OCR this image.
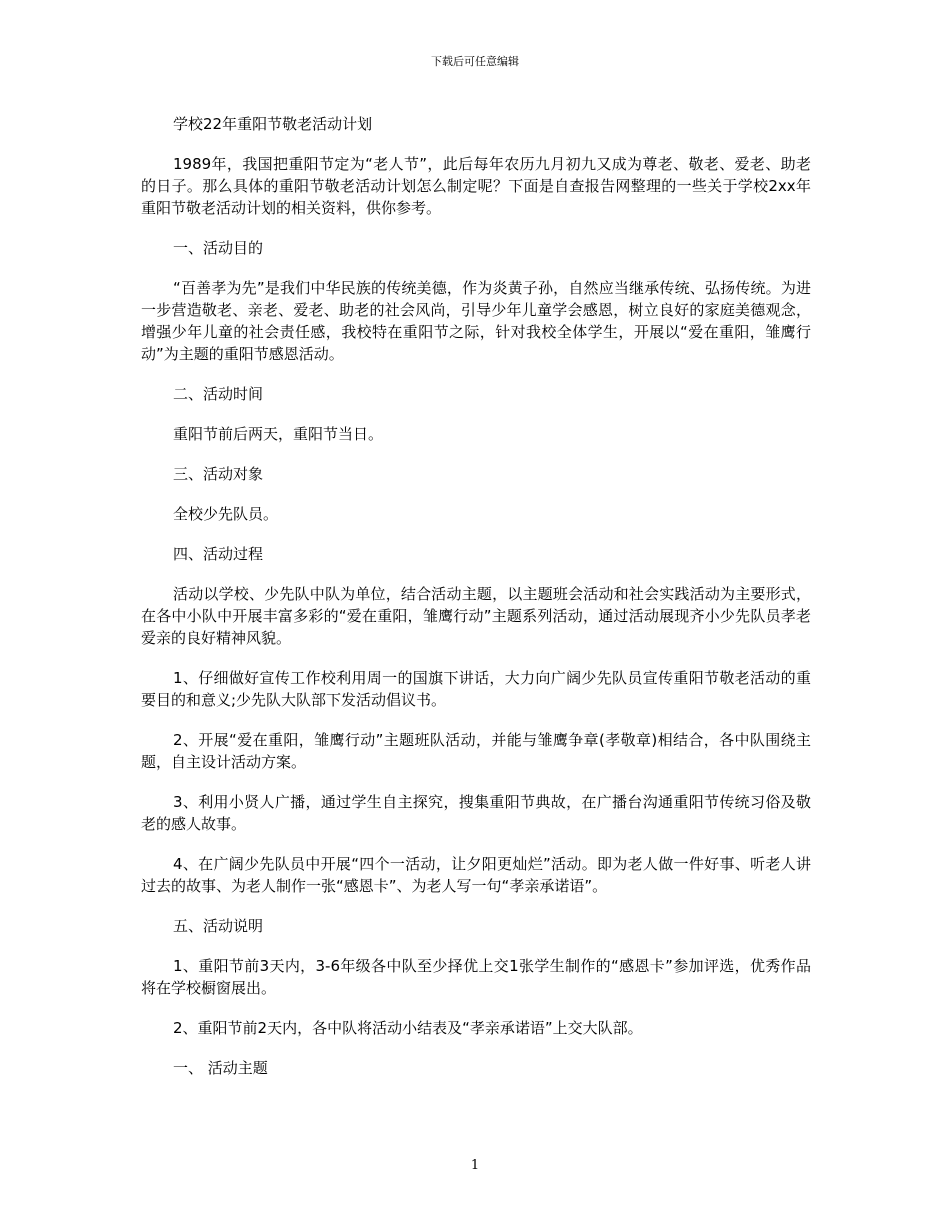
下载后可任意编辑

学校22年重阳节敬老活动计划

1989年，我国把重阳节定为“老人节”，此后每年农历九月初九又成为尊老、敬老、爱老、助老的日子。那么具体的重阳节敬老活动计划怎么制定呢？下面是自查报告网整理的一些关于学校2xx年重阳节敬老活动计划的相关资料，供你参考。

一、活动目的

“百善孝为先”是我们中华民族的传统美德，作为炎黄子孙，自然应当继承传统、弘扬传统。为进一步营造敬老、亲老、爱老、助老的社会风尚，引导少年儿童学会感恩，树立良好的家庭美德观念，增强少年儿童的社会责任感，我校特在重阳节之际，针对我校全体学生，开展以“爱在重阳，雏鹰行动”为主题的重阳节感恩活动。

二、活动时间

重阳节前后两天，重阳节当日。

三、活动对象

全校少先队员。

四、活动过程

活动以学校、少先队中队为单位，结合活动主题，以主题班会活动和社会实践活动为主要形式，在各中小队中开展丰富多彩的“爱在重阳，雏鹰行动”主题系列活动，通过活动展现齐小少先队员孝老爱亲的良好精神风貌。

1、仔细做好宣传工作校利用周一的国旗下讲话，大力向广阔少先队员宣传重阳节敬老活动的重要目的和意义;少先队大队部下发活动倡议书。

2、开展“爱在重阳，雏鹰行动”主题班队活动，并能与雏鹰争章(孝敬章)相结合，各中队围绕主题，自主设计活动方案。

3、利用小贤人广播，通过学生自主探究，搜集重阳节典故，在广播台沟通重阳节传统习俗及敬老的感人故事。

4、在广阔少先队员中开展“四个一活动，让夕阳更灿烂”活动。即为老人做一件好事、听老人讲过去的故事、为老人制作一张“感恩卡”、为老人写一句“孝亲承诺语”。

五、活动说明

1、重阳节前3天内，3-6年级各中队至少择优上交1张学生制作的“感恩卡”参加评选，优秀作品将在学校橱窗展出。

2、重阳节前2天内，各中队将活动小结表及“孝亲承诺语”上交大队部。

一、 活动主题

1
